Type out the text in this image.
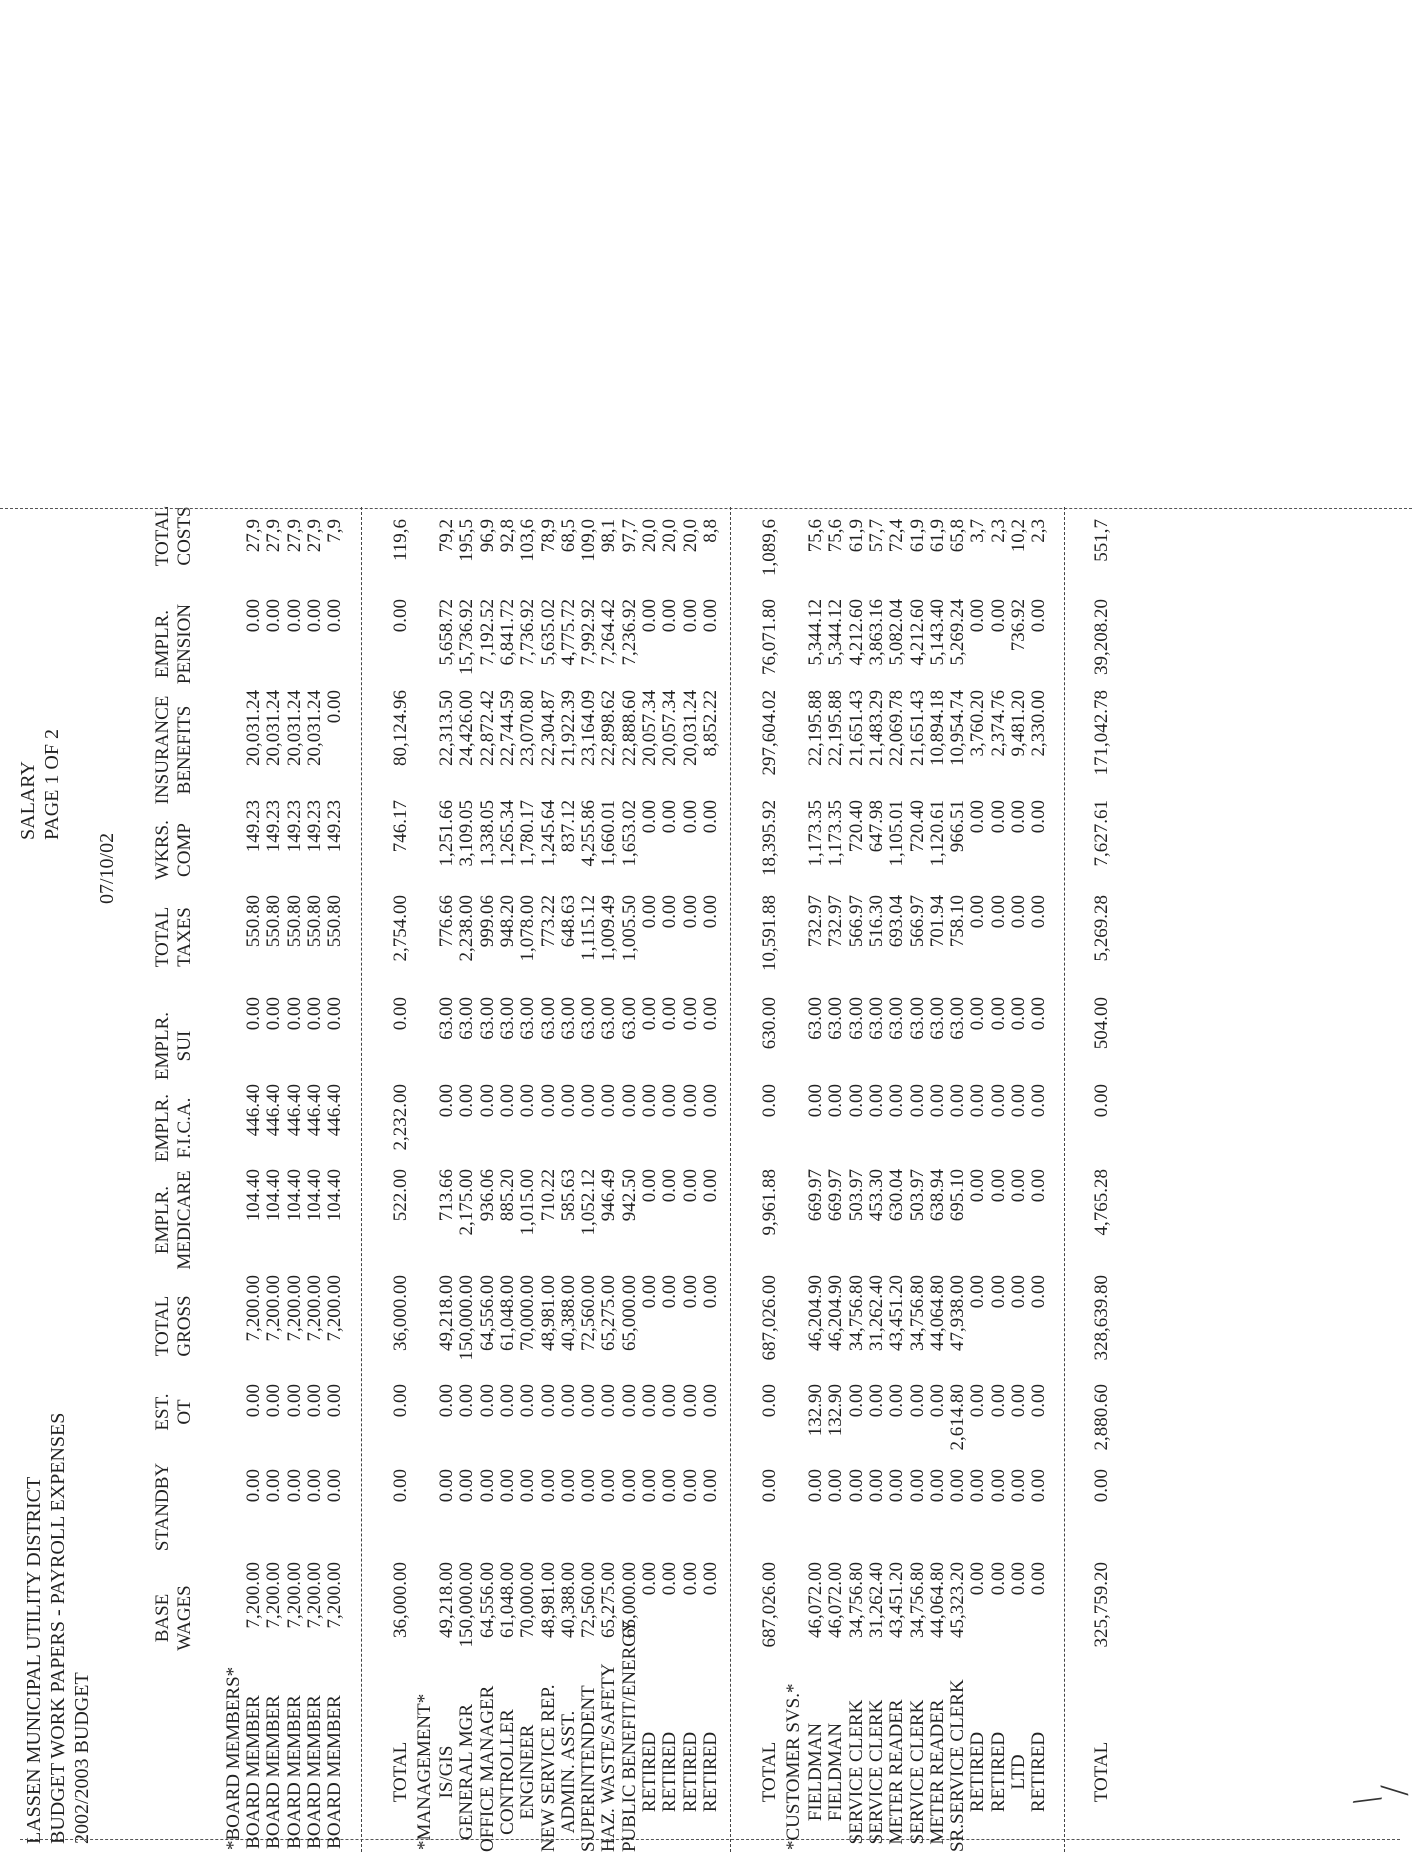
LASSEN MUNICIPAL UTILITY DISTRICT BUDGET WORK PAPERS - PAYROLL EXPENSES 2002/2003 BUDGET
SALARY PAGE 1 OF 2
07/10/02
BASE WAGES
STANDBY
EST. OT
TOTAL GROSS
EMPLR. MEDICARE
EMPLR. F.I.C.A.
EMPLR. SUI
TOTAL TAXES
WKRS. COMP
INSURANCE BENEFITS
EMPLR. PENSION
TOTAL COSTS
*BOARD MEMBERS* BOARD MEMBER
7,200.00
0.00
0.00
7,200.00
104.40
446.40
0.00
550.80
149.23
20,031.24
0.00
27,9
BOARD MEMBER
7,200.00
0.00
0.00
7,200.00
104.40
446.40
0.00
550.80
149.23
20,031.24
0.00
27,9
BOARD MEMBER
7,200.00
0.00
0.00
7,200.00
104.40
446.40
0.00
550.80
149.23
20,031.24
0.00
27,9
BOARD MEMBER
7,200.00
0.00
0.00
7,200.00
104.40
446.40
0.00
550.80
149.23
20,031.24
0.00
27,9
BOARD MEMBER
7,200.00
0.00
0.00
7,200.00
104.40
446.40
0.00
550.80
149.23
0.00
0.00
7,9
TOTAL
36,000.00
0.00
0.00
36,000.00
522.00
2,232.00
0.00
2,754.00
746.17
80,124.96
0.00
119,6
*MANAGEMENT* IS/GIS
49,218.00
0.00
0.00
49,218.00
713.66
0.00
63.00
776.66
1,251.66
22,313.50
5,658.72
79,2
GENERAL MGR
150,000.00
0.00
0.00
150,000.00
2,175.00
0.00
63.00
2,238.00
3,109.05
24,426.00
15,736.92
195,5
OFFICE MANAGER
64,556.00
0.00
0.00
64,556.00
936.06
0.00
63.00
999.06
1,338.05
22,872.42
7,192.52
96,9
CONTROLLER
61,048.00
0.00
0.00
61,048.00
885.20
0.00
63.00
948.20
1,265.34
22,744.59
6,841.72
92,8
ENGINEER
70,000.00
0.00
0.00
70,000.00
1,015.00
0.00
63.00
1,078.00
1,780.17
23,070.80
7,736.92
103,6
NEW SERVICE REP.
48,981.00
0.00
0.00
48,981.00
710.22
0.00
63.00
773.22
1,245.64
22,304.87
5,635.02
78,9
ADMIN. ASST.
40,388.00
0.00
0.00
40,388.00
585.63
0.00
63.00
648.63
837.12
21,922.39
4,775.72
68,5
SUPERINTENDENT
72,560.00
0.00
0.00
72,560.00
1,052.12
0.00
63.00
1,115.12
4,255.86
23,164.09
7,992.92
109,0
HAZ. WASTE/SAFETY
65,275.00
0.00
0.00
65,275.00
946.49
0.00
63.00
1,009.49
1,660.01
22,898.62
7,264.42
98,1
PUBLIC BENEFIT/ENERGY
65,000.00
0.00
0.00
65,000.00
942.50
0.00
63.00
1,005.50
1,653.02
22,888.60
7,236.92
97,7
RETIRED
0.00
0.00
0.00
0.00
0.00
0.00
0.00
0.00
0.00
20,057.34
0.00
20,0
RETIRED
0.00
0.00
0.00
0.00
0.00
0.00
0.00
0.00
0.00
20,057.34
0.00
20,0
RETIRED
0.00
0.00
0.00
0.00
0.00
0.00
0.00
0.00
0.00
20,031.24
0.00
20,0
RETIRED
0.00
0.00
0.00
0.00
0.00
0.00
0.00
0.00
0.00
8,852.22
0.00
8,8
TOTAL
687,026.00
0.00
0.00
687,026.00
9,961.88
0.00
630.00
10,591.88
18,395.92
297,604.02
76,071.80
1,089,6
*CUSTOMER SVS.* FIELDMAN
46,072.00
0.00
132.90
46,204.90
669.97
0.00
63.00
732.97
1,173.35
22,195.88
5,344.12
75,6
FIELDMAN
46,072.00
0.00
132.90
46,204.90
669.97
0.00
63.00
732.97
1,173.35
22,195.88
5,344.12
75,6
SERVICE CLERK
34,756.80
0.00
0.00
34,756.80
503.97
0.00
63.00
566.97
720.40
21,651.43
4,212.60
61,9
SERVICE CLERK
31,262.40
0.00
0.00
31,262.40
453.30
0.00
63.00
516.30
647.98
21,483.29
3,863.16
57,7
METER READER
43,451.20
0.00
0.00
43,451.20
630.04
0.00
63.00
693.04
1,105.01
22,069.78
5,082.04
72,4
SERVICE CLERK
34,756.80
0.00
0.00
34,756.80
503.97
0.00
63.00
566.97
720.40
21,651.43
4,212.60
61,9
METER READER
44,064.80
0.00
0.00
44,064.80
638.94
0.00
63.00
701.94
1,120.61
10,894.18
5,143.40
61,9
SR.SERVICE CLERK
45,323.20
0.00
2,614.80
47,938.00
695.10
0.00
63.00
758.10
966.51
10,954.74
5,269.24
65,8
RETIRED
0.00
0.00
0.00
0.00
0.00
0.00
0.00
0.00
0.00
3,760.20
0.00
3,7
RETIRED
0.00
0.00
0.00
0.00
0.00
0.00
0.00
0.00
0.00
2,374.76
0.00
2,3
LTD
0.00
0.00
0.00
0.00
0.00
0.00
0.00
0.00
0.00
9,481.20
736.92
10,2
RETIRED
0.00
0.00
0.00
0.00
0.00
0.00
0.00
0.00
0.00
2,330.00
0.00
2,3
TOTAL
325,759.20
0.00
2,880.60
328,639.80
4,765.28
0.00
504.00
5,269.28
7,627.61
171,042.78
39,208.20
551,7
╲ ╱
